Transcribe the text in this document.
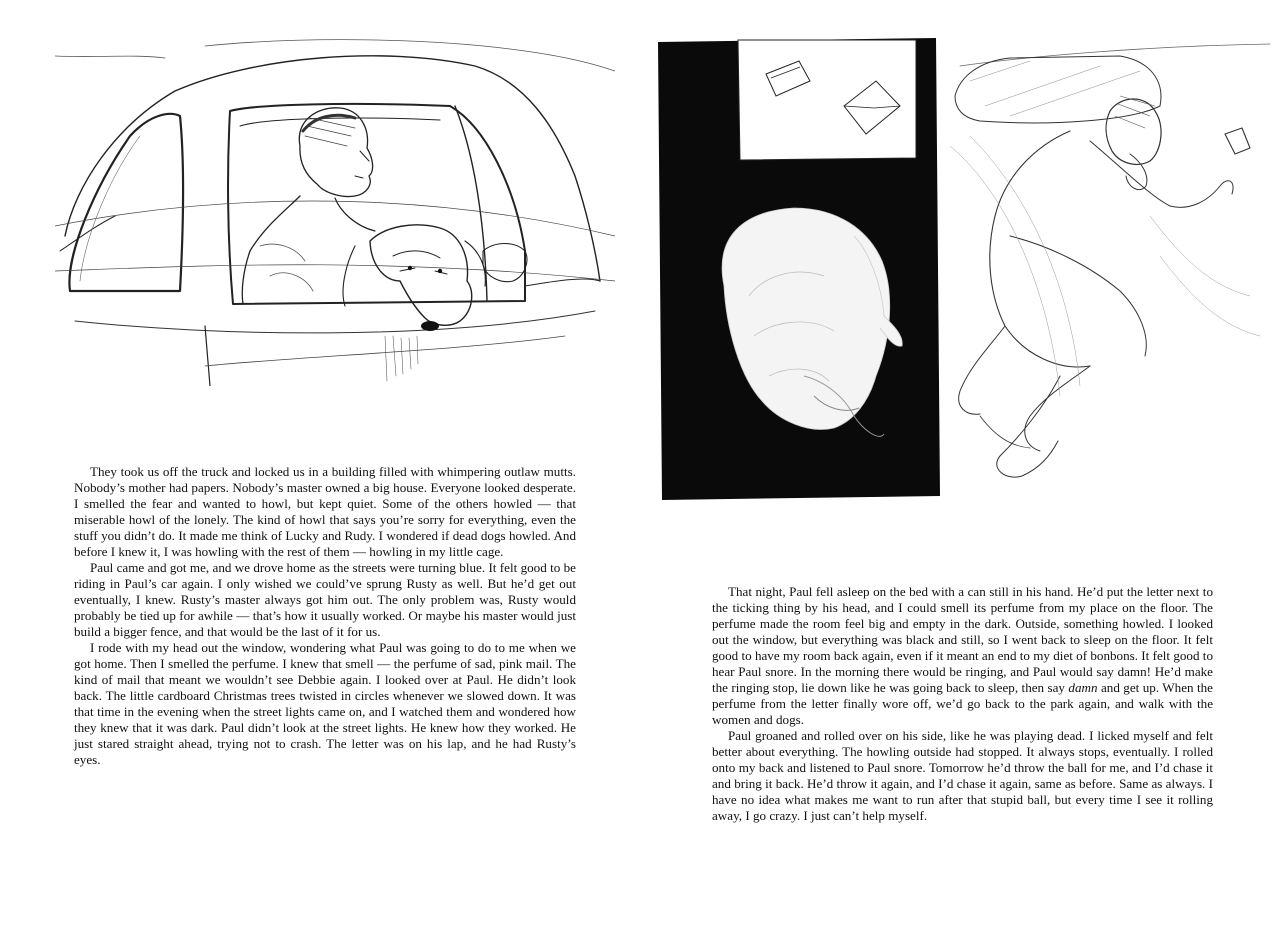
They took us off the truck and locked us in a building filled with whimpering outlaw mutts. Nobody’s mother had papers. Nobody’s master owned a big house. Everyone looked desperate. I smelled the fear and wanted to howl, but kept quiet. Some of the others howled — that miserable howl of the lonely. The kind of howl that says you’re sorry for everything, even the stuff you didn’t do. It made me think of Lucky and Rudy. I wondered if dead dogs howled. And before I knew it, I was howling with the rest of them — howling in my little cage.

Paul came and got me, and we drove home as the streets were turning blue. It felt good to be riding in Paul’s car again. I only wished we could’ve sprung Rusty as well. But he’d get out eventually, I knew. Rusty’s master always got him out. The only problem was, Rusty would probably be tied up for awhile — that’s how it usually worked. Or maybe his master would just build a bigger fence, and that would be the last of it for us.

I rode with my head out the window, wondering what Paul was going to do to me when we got home. Then I smelled the perfume. I knew that smell — the perfume of sad, pink mail. The kind of mail that meant we wouldn’t see Debbie again. I looked over at Paul. He didn’t look back. The little cardboard Christmas trees twisted in circles whenever we slowed down. It was that time in the evening when the street lights came on, and I watched them and wondered how they knew that it was dark. Paul didn’t look at the street lights. He knew how they worked. He just stared straight ahead, trying not to crash. The letter was on his lap, and he had Rusty’s eyes.

That night, Paul fell asleep on the bed with a can still in his hand. He’d put the letter next to the ticking thing by his head, and I could smell its perfume from my place on the floor. The perfume made the room feel big and empty in the dark. Outside, something howled. I looked out the window, but everything was black and still, so I went back to sleep on the floor. It felt good to have my room back again, even if it meant an end to my diet of bonbons. It felt good to hear Paul snore. In the morning there would be ringing, and Paul would say damn! He’d make the ringing stop, lie down like he was going back to sleep, then say damn and get up. When the perfume from the letter finally wore off, we’d go back to the park again, and walk with the women and dogs.

Paul groaned and rolled over on his side, like he was playing dead. I licked myself and felt better about everything. The howling outside had stopped. It always stops, eventually. I rolled onto my back and listened to Paul snore. Tomorrow he’d throw the ball for me, and I’d chase it and bring it back. He’d throw it again, and I’d chase it again, same as before. Same as always. I have no idea what makes me want to run after that stupid ball, but every time I see it rolling away, I go crazy. I just can’t help myself.
